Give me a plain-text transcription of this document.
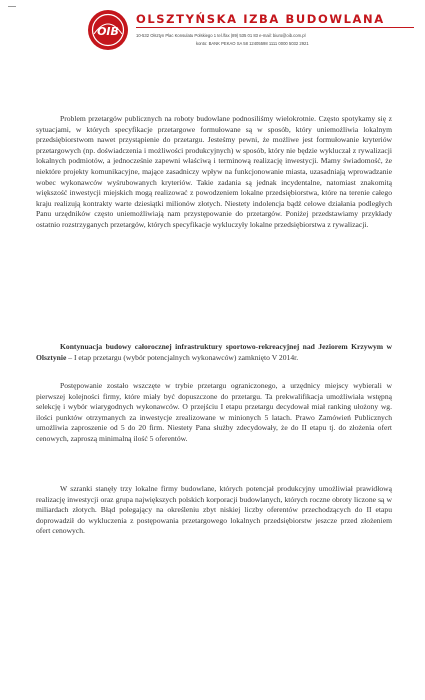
OIB
OLSZTYŃSKA IZBA BUDOWLANA
10-532 Olsztyn Plac Konsulatu Polskiego 1 tel./fax (89) 535 01 83 e-mail: biuro@oib.com.pl
konto: BANK PEKAO SA 58 12405598 1111 0000 5032 2921

Problem przetargów publicznych na roboty budowlane podnosiliśmy wielokrotnie. Często spotykamy się z sytuacjami, w których specyfikacje przetargowe formułowane są w sposób, który uniemożliwia lokalnym przedsiębiorstwom nawet przystąpienie do przetargu. Jesteśmy pewni, że możliwe jest formułowanie kryteriów przetargowych (np. doświadczenia i możliwości produkcyjnych) w sposób, który nie będzie wykluczał z rywalizacji lokalnych podmiotów, a jednocześnie zapewni właściwą i terminową realizację inwestycji. Mamy świadomość, że niektóre projekty komunikacyjne, mające zasadniczy wpływ na funkcjonowanie miasta, uzasadniają wprowadzanie wobec wykonawców wyśrubowanych kryteriów. Takie zadania są jednak incydentalne, natomiast znakomitą większość inwestycji miejskich mogą realizować z powodzeniem lokalne przedsiębiorstwa, które na terenie całego kraju realizują kontrakty warte dziesiątki milionów złotych. Niestety indolencja bądź celowe działania podległych Panu urzędników często uniemożliwiają nam przystępowanie do przetargów. Poniżej przedstawiamy przykłady ostatnio rozstrzyganych przetargów, których specyfikacje wykluczyły lokalne przedsiębiorstwa z rywalizacji.

Kontynuacja budowy całorocznej infrastruktury sportowo-rekreacyjnej nad Jeziorem Krzywym w Olsztynie – I etap przetargu (wybór potencjalnych wykonawców) zamknięto V 2014r.

Postępowanie zostało wszczęte w trybie przetargu ograniczonego, a urzędnicy miejscy wybierali w pierwszej kolejności firmy, które miały być dopuszczone do przetargu. Ta prekwalifikacja umożliwiała wstępną selekcję i wybór wiarygodnych wykonawców. O przejściu I etapu przetargu decydował miał ranking ułożony wg. ilości punktów otrzymanych za inwestycje zrealizowane w minionych 5 latach. Prawo Zamówień Publicznych umożliwia zaproszenie od 5 do 20 firm. Niestety Pana służby zdecydowały, że do II etapu tj. do złożenia ofert cenowych, zaproszą minimalną ilość 5 oferentów.

W szranki stanęły trzy lokalne firmy budowlane, których potencjał produkcyjny umożliwiał prawidłową realizację inwestycji oraz grupa największych polskich korporacji budowlanych, których roczne obroty liczone są w miliardach złotych. Błąd polegający na określeniu zbyt niskiej liczby oferentów przechodzących do II etapu doprowadził do wykluczenia z postępowania przetargowego lokalnych przedsiębiorstw jeszcze przed złożeniem ofert cenowych.
